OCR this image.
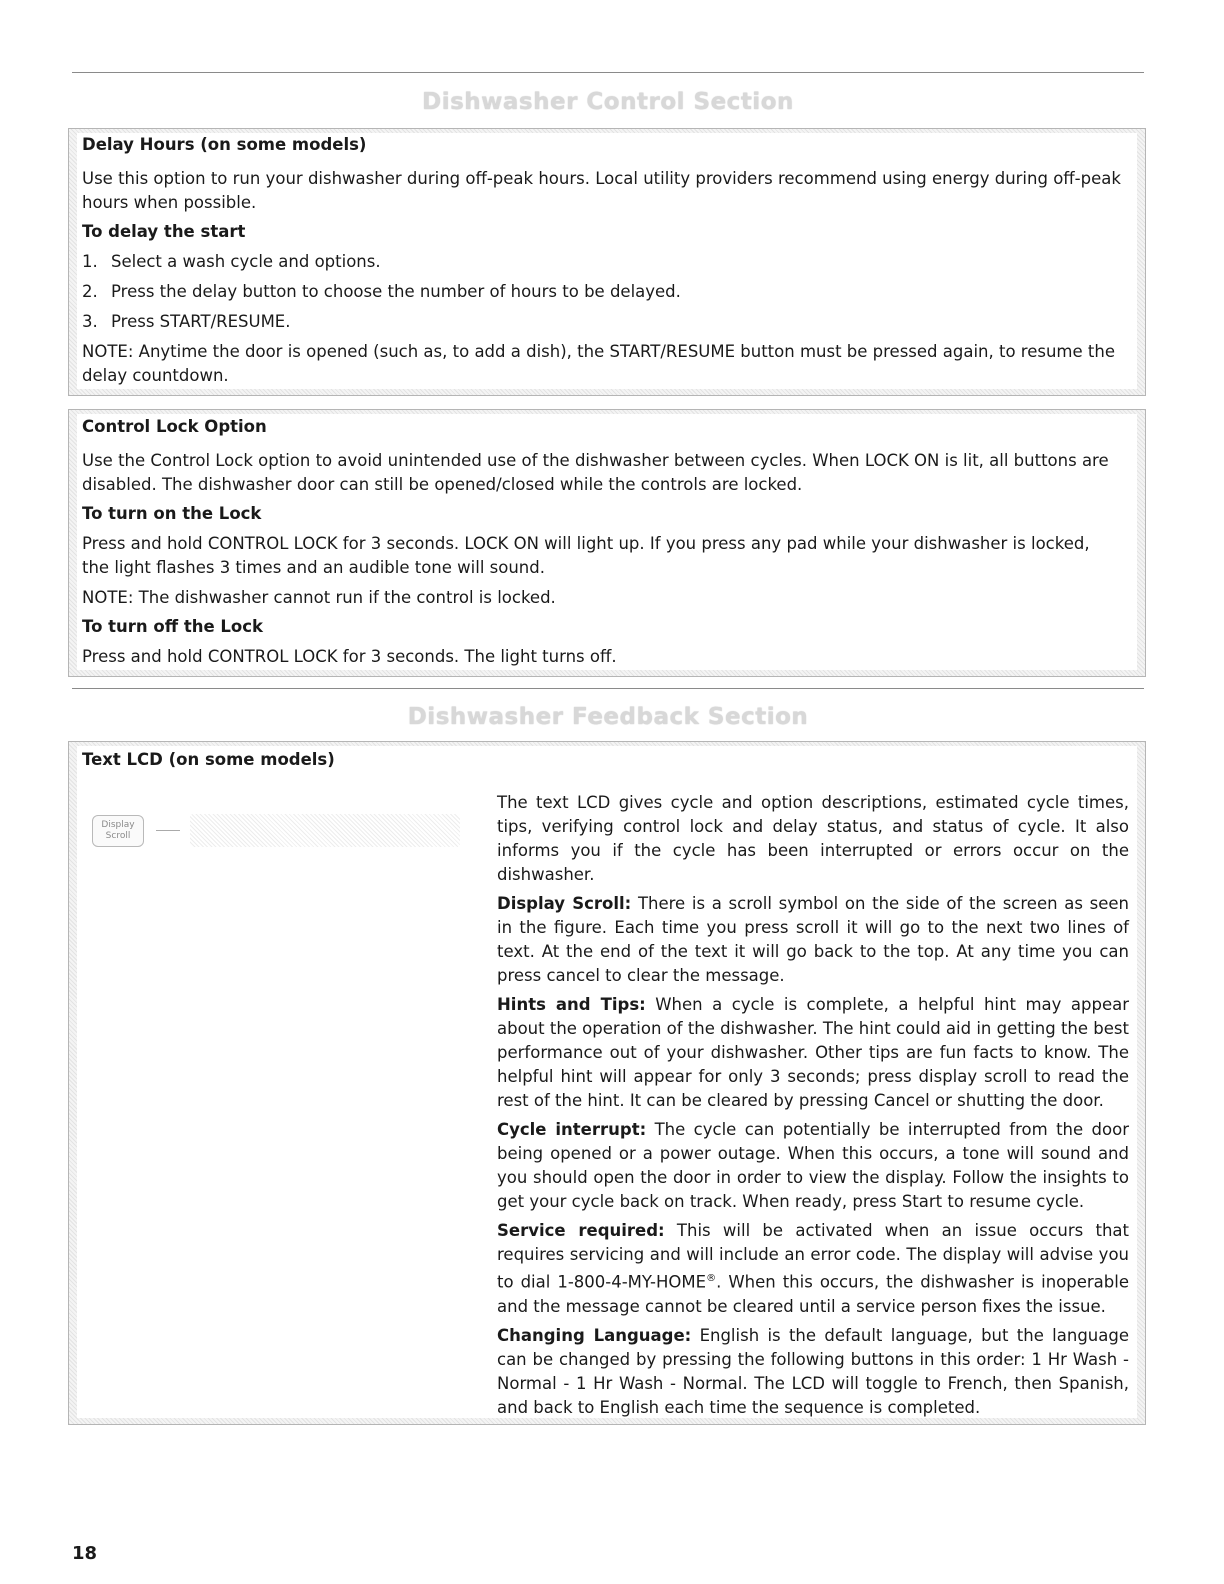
Dishwasher Control Section
Delay Hours (on some models)
Use this option to run your dishwasher during off-peak hours. Local utility providers recommend using energy during off-peak
hours when possible.
To delay the start
1. Select a wash cycle and options.
2. Press the delay button to choose the number of hours to be delayed.
3. Press START/RESUME.
NOTE: Anytime the door is opened (such as, to add a dish), the START/RESUME button must be pressed again, to resume the
delay countdown.
Control Lock Option
Use the Control Lock option to avoid unintended use of the dishwasher between cycles. When LOCK ON is lit, all buttons are
disabled. The dishwasher door can still be opened/closed while the controls are locked.
To turn on the Lock
Press and hold CONTROL LOCK for 3 seconds. LOCK ON will light up. If you press any pad while your dishwasher is locked,
the light flashes 3 times and an audible tone will sound.
NOTE: The dishwasher cannot run if the control is locked.
To turn off the Lock
Press and hold CONTROL LOCK for 3 seconds. The light turns off.
Dishwasher Feedback Section
Text LCD (on some models)
Display
Scroll

The text LCD gives cycle and option descriptions, estimated cycle times, tips, verifying control lock and delay status, and status of cycle. It also informs you if the cycle has been interrupted or errors occur on the dishwasher.

Display Scroll: There is a scroll symbol on the side of the screen as seen in the figure. Each time you press scroll it will go to the next two lines of text. At the end of the text it will go back to the top. At any time you can press cancel to clear the message.

Hints and Tips: When a cycle is complete, a helpful hint may appear about the operation of the dishwasher. The hint could aid in getting the best performance out of your dishwasher. Other tips are fun facts to know. The helpful hint will appear for only 3 seconds; press display scroll to read the rest of the hint. It can be cleared by pressing Cancel or shutting the door.

Cycle interrupt: The cycle can potentially be interrupted from the door being opened or a power outage. When this occurs, a tone will sound and you should open the door in order to view the display. Follow the insights to get your cycle back on track. When ready, press Start to resume cycle.

Service required: This will be activated when an issue occurs that requires servicing and will include an error code. The display will advise you to dial 1-800-4-MY-HOME®. When this occurs, the dishwasher is inoperable and the message cannot be cleared until a service person fixes the issue.

Changing Language: English is the default language, but the language can be changed by pressing the following buttons in this order: 1 Hr Wash - Normal - 1 Hr Wash - Normal. The LCD will toggle to French, then Spanish, and back to English each time the sequence is completed.

18
